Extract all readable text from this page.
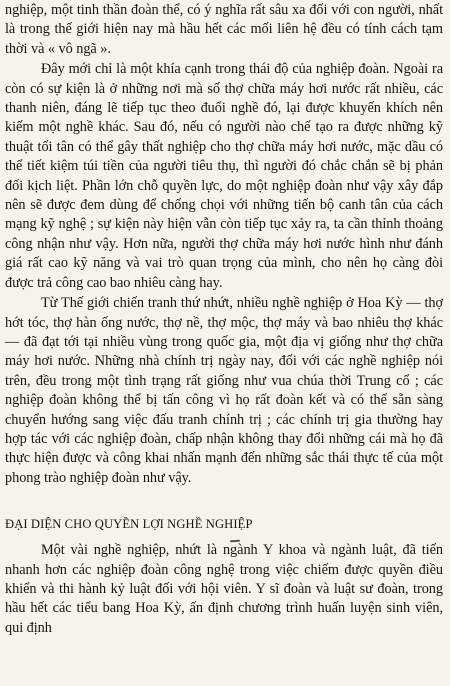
nghiệp, một tinh thần đoàn thể, có ý nghĩa rất sâu xa đối với con người, nhất là trong thế giới hiện nay mà hầu hết các mối liên hệ đều có tính cách tạm thời và « vô ngã ».

Đây mới chỉ là một khía cạnh trong thái độ của nghiệp đoàn. Ngoài ra còn có sự kiện là ở những nơi mà số thợ chữa máy hơi nước rất nhiều, các thanh niên, đáng lẽ tiếp tục theo đuổi nghề đó, lại được khuyến khích nên kiếm một nghề khác. Sau đó, nếu có người nào chế tạo ra được những kỹ thuật tối tân có thể gây thất nghiệp cho thợ chữa máy hơi nước, mặc dầu có thể tiết kiệm túi tiền của người tiêu thụ, thì người đó chắc chắn sẽ bị phản đối kịch liệt. Phần lớn chỗ quyền lực, do một nghiệp đoàn như vậy xây đắp nên sẽ được đem dùng để chống chọi với những tiến bộ canh tân của cách mạng kỹ nghệ ; sự kiện này hiện vẫn còn tiếp tục xảy ra, ta cần thỉnh thoảng công nhận như vậy. Hơn nữa, người thợ chữa máy hơi nước hình như đánh giá rất cao kỹ năng và vai trò quan trọng của mình, cho nên họ càng đòi được trả công cao bao nhiêu càng hay.

Từ Thế giới chiến tranh thứ nhứt, nhiều nghề nghiệp ở Hoa Kỳ — thợ hớt tóc, thợ hàn ống nước, thợ nề, thợ mộc, thợ máy và bao nhiêu thợ khác — đã đạt tới tại nhiều vùng trong quốc gia, một địa vị giống như thợ chữa máy hơi nước. Những nhà chính trị ngày nay, đối với các nghề nghiệp nói trên, đều trong một tình trạng rất giống như vua chúa thời Trung cổ ; các nghiệp đoàn không thể bị tấn công vì họ rất đoàn kết và có thể sẵn sàng chuyển hướng sang việc đấu tranh chính trị ; các chính trị gia thường hay hợp tác với các nghiệp đoàn, chấp nhận không thay đổi những cái mà họ đã thực hiện được và công khai nhấn mạnh đến những sắc thái thực tế của một phong trào nghiệp đoàn như vậy.

ĐẠI DIỆN CHO QUYỀN LỢI NGHỀ NGHIỆP

Một vài nghề nghiệp, nhứt là ngành Y khoa và ngành luật, đã tiến nhanh hơn các nghiệp đoàn công nghệ trong việc chiếm được quyền điều khiển và thi hành kỷ luật đối với hội viên. Y sĩ đoàn và luật sư đoàn, trong hầu hết các tiểu bang Hoa Kỳ, ấn định chương trình huấn luyện sinh viên, qui định
